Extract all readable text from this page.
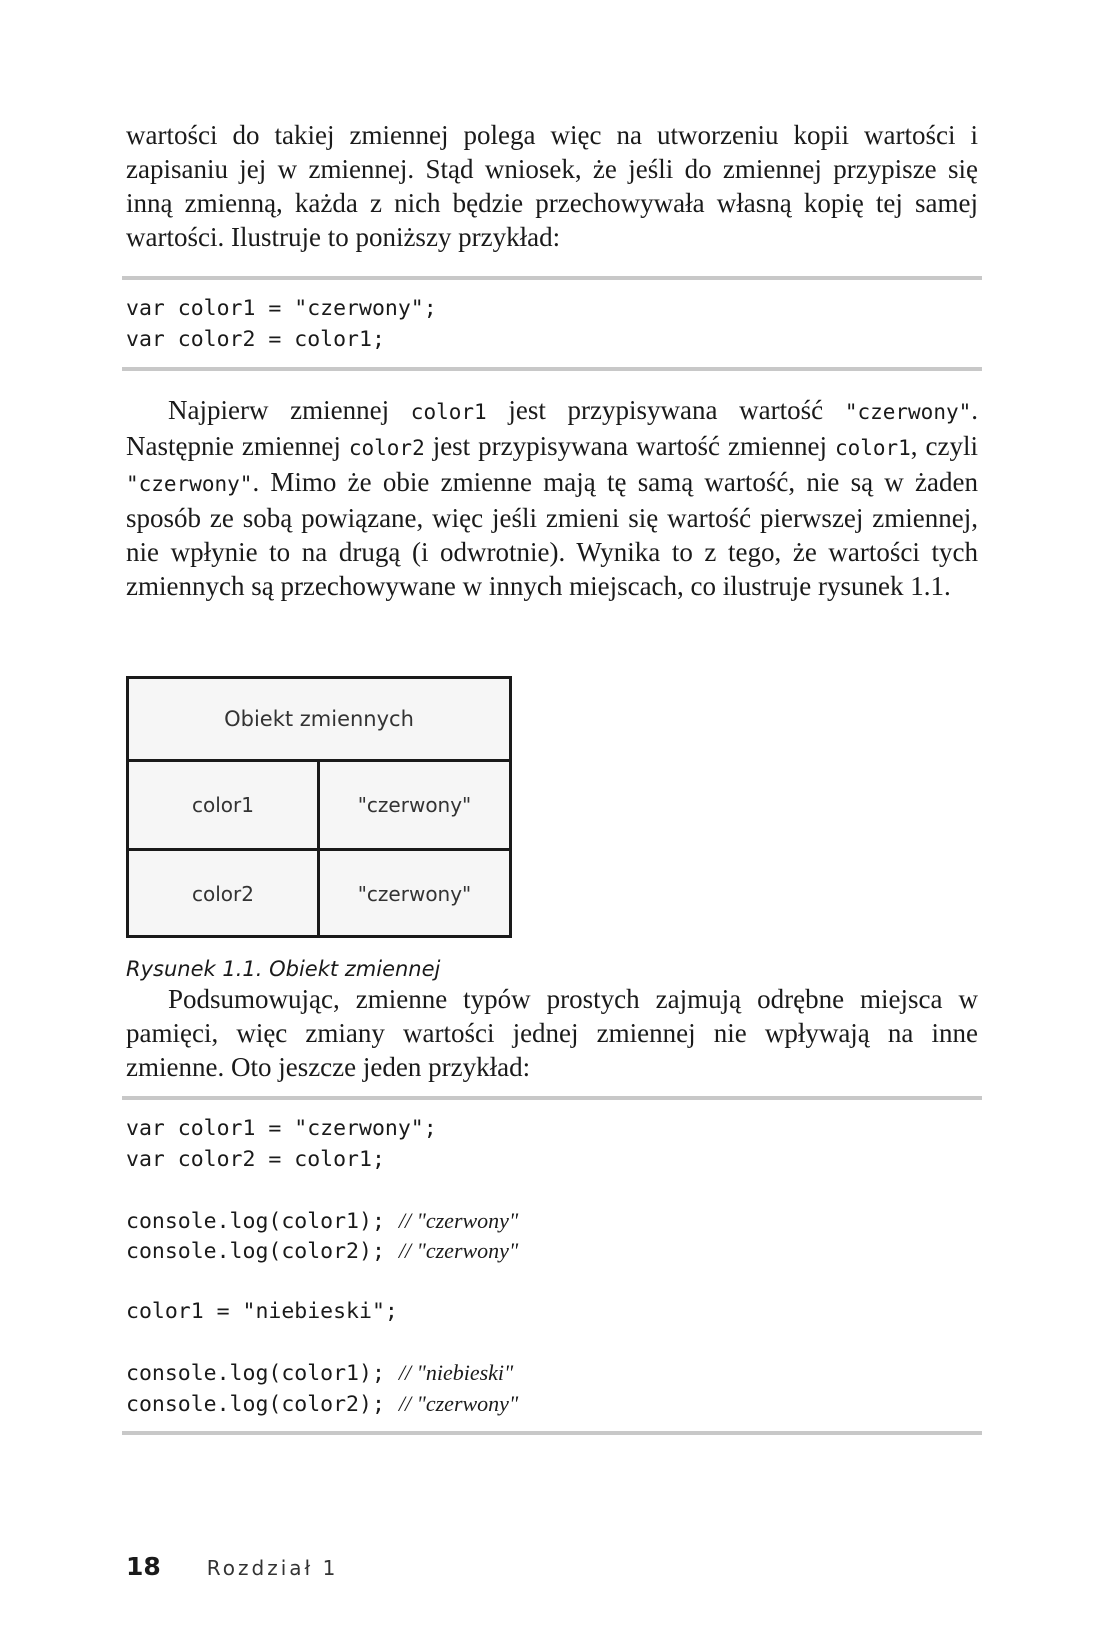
wartości do takiej zmiennej polega więc na utworzeniu kopii wartości i zapisaniu jej w zmiennej. Stąd wniosek, że jeśli do zmiennej przypisze się inną zmienną, każda z nich będzie przechowywała własną kopię tej samej wartości. Ilustruje to poniższy przykład:

var color1 = "czerwony";
var color2 = color1;

Najpierw zmiennej color1 jest przypisywana wartość "czerwony". Następnie zmiennej color2 jest przypisywana wartość zmiennej color1, czyli "czerwony". Mimo że obie zmienne mają tę samą wartość, nie są w żaden sposób ze sobą powiązane, więc jeśli zmieni się wartość pierwszej zmiennej, nie wpłynie to na drugą (i odwrotnie). Wynika to z tego, że wartości tych zmiennych są przechowywane w innych miejscach, co ilustruje rysunek 1.1.

Obiekt zmiennych
color1	"czerwony"
color2	"czerwony"
Rysunek 1.1. Obiekt zmiennej

Podsumowując, zmienne typów prostych zajmują odrębne miejsca w pamięci, więc zmiany wartości jednej zmiennej nie wpływają na inne zmienne. Oto jeszcze jeden przykład:

var color1 = "czerwony";
var color2 = color1;
console.log(color1); // "czerwony"
console.log(color2); // "czerwony"
color1 = "niebieski";
console.log(color1); // "niebieski"
console.log(color2); // "czerwony"
18 Rozdział 1
